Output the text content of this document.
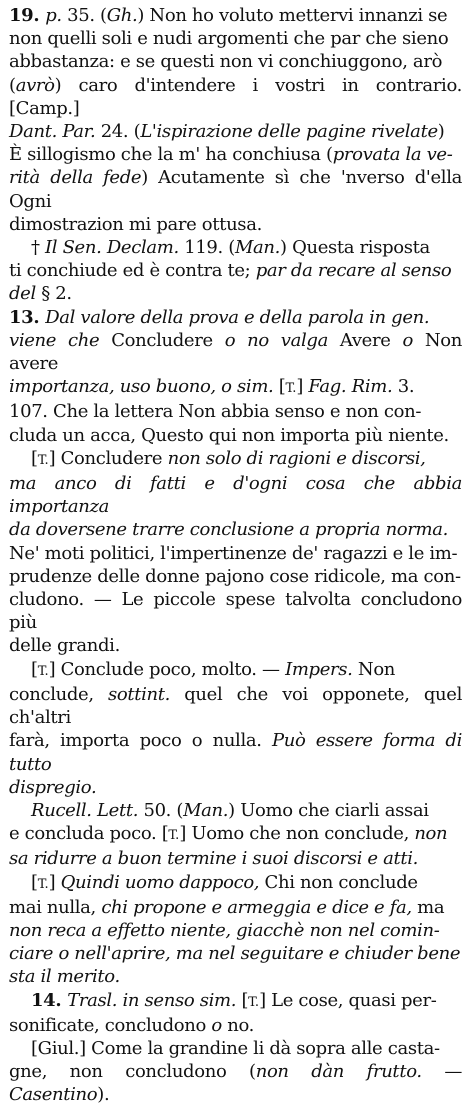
19. p. 35. (Gh.) Non ho voluto mettervi innanzi se

non quelli soli e nudi argomenti che par che sieno

abbastanza: e se questi non vi conchiuggono, arò

(avrò) caro d'intendere i vostri in contrario. [Camp.]

Dant. Par. 24. (L'ispirazione delle pagine rivelate)

È sillogismo che la m' ha conchiusa (provata la ve-

rità della fede) Acutamente sì che 'nverso d'ella Ogni

dimostrazion mi pare ottusa.

† Il Sen. Declam. 119. (Man.) Questa risposta

ti conchiude ed è contra te; par da recare al senso

del § 2.

13. Dal valore della prova e della parola in gen.

viene che Concludere o no valga Avere o Non avere

importanza, uso buono, o sim. [T.] Fag. Rim. 3.

107. Che la lettera Non abbia senso e non con-

cluda un acca, Questo qui non importa più niente.

[T.] Concludere non solo di ragioni e discorsi,

ma anco di fatti e d'ogni cosa che abbia importanza

da doversene trarre conclusione a propria norma.

Ne' moti politici, l'impertinenze de' ragazzi e le im-

prudenze delle donne pajono cose ridicole, ma con-

cludono. — Le piccole spese talvolta concludono più

delle grandi.

[T.] Conclude poco, molto. — Impers. Non

conclude, sottint. quel che voi opponete, quel ch'altri

farà, importa poco o nulla. Può essere forma di tutto

dispregio.

Rucell. Lett. 50. (Man.) Uomo che ciarli assai

e concluda poco. [T.] Uomo che non conclude, non

sa ridurre a buon termine i suoi discorsi e atti.

[T.] Quindi uomo dappoco, Chi non conclude

mai nulla, chi propone e armeggia e dice e fa, ma

non reca a effetto niente, giacchè non nel comin-

ciare o nell'aprire, ma nel seguitare e chiuder bene

sta il merito.

14. Trasl. in senso sim. [T.] Le cose, quasi per-

sonificate, concludono o no.

[Giul.] Come la grandine li dà sopra alle casta-

gne, non concludono (non dàn frutto. — Casentino).
